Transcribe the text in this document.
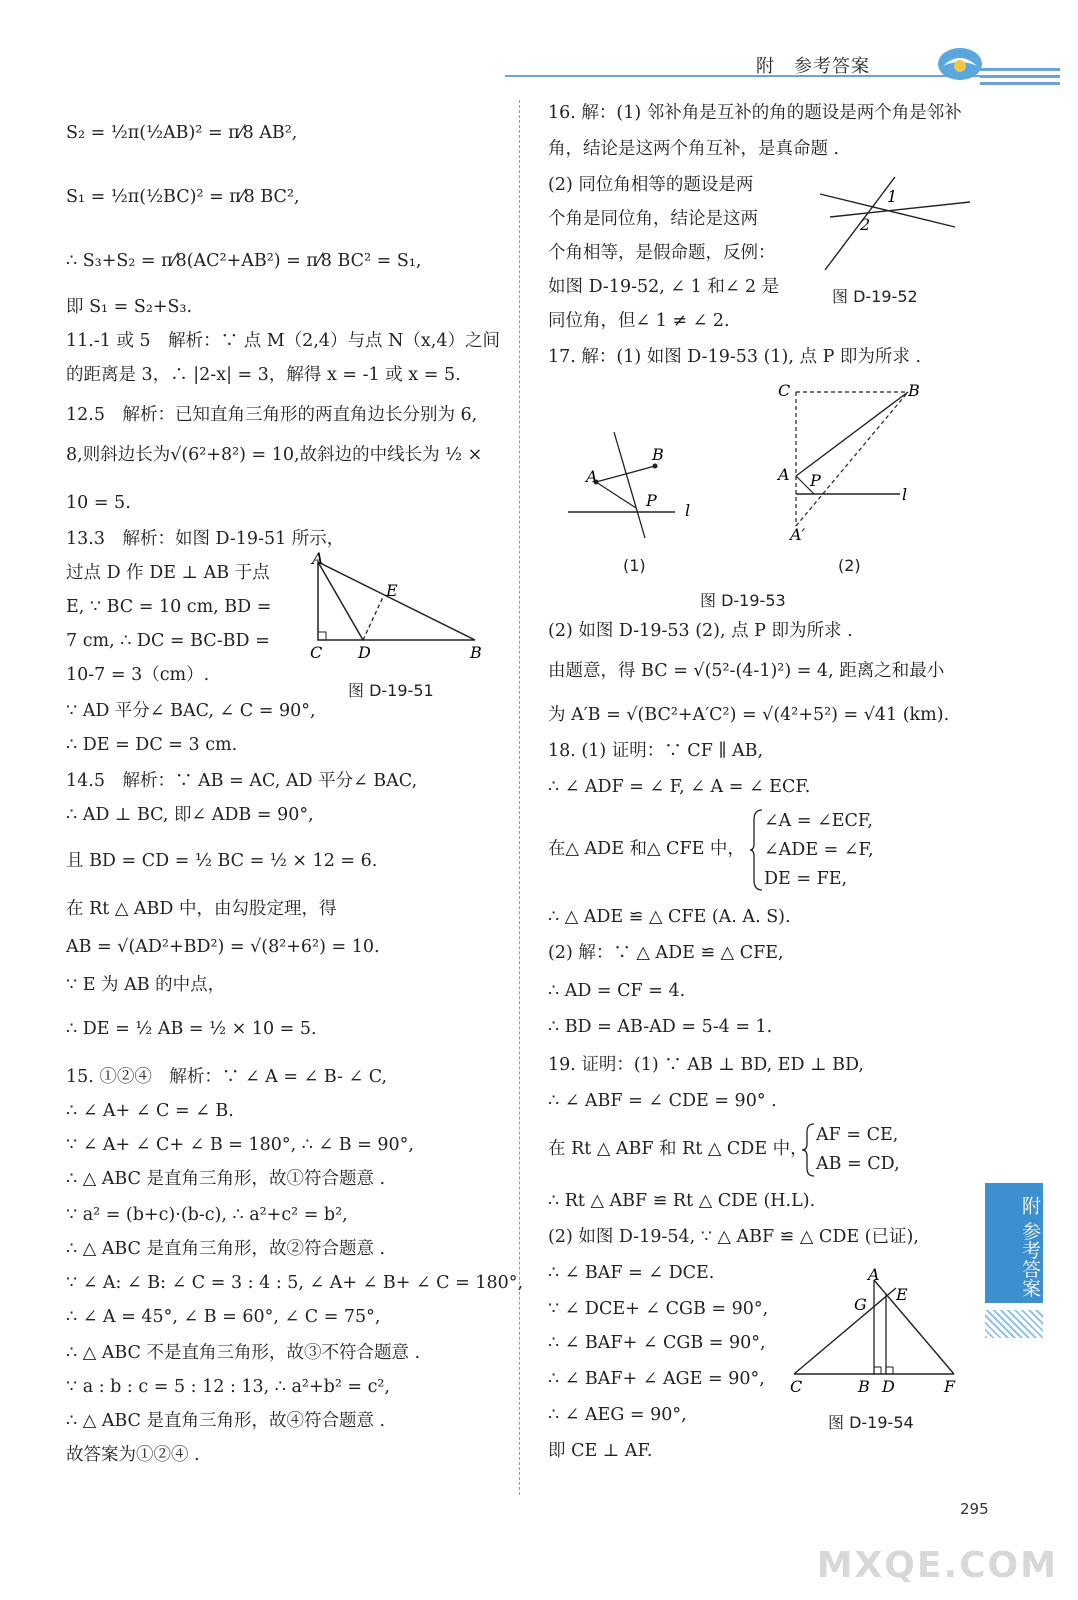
附　参考答案
S₂ = ½π(½AB)² = π⁄8 AB²,
S₁ = ½π(½BC)² = π⁄8 BC²,
∴ S₃+S₂ = π⁄8(AC²+AB²) = π⁄8 BC² = S₁,
即 S₁ = S₂+S₃.
11.-1 或 5　解析：∵ 点 M（2,4）与点 N（x,4）之间
的距离是 3，∴ |2-x| = 3，解得 x = -1 或 x = 5.
12.5　解析：已知直角三角形的两直角边长分别为 6,
8,则斜边长为√(6²+8²) = 10,故斜边的中线长为 ½ ×
10 = 5.
13.3　解析：如图 D-19-51 所示，
过点 D 作 DE ⊥ AB 于点
E, ∵ BC = 10 cm, BD =
7 cm, ∴ DC = BC-BD =
10-7 = 3（cm）.
∵ AD 平分∠ BAC, ∠ C = 90°,
∴ DE = DC = 3 cm.
14.5　解析：∵ AB = AC, AD 平分∠ BAC,
∴ AD ⊥ BC, 即∠ ADB = 90°,
且 BD = CD = ½ BC = ½ × 12 = 6.
在 Rt △ ABD 中，由勾股定理，得
AB = √(AD²+BD²) = √(8²+6²) = 10.
∵ E 为 AB 的中点，
∴ DE = ½ AB = ½ × 10 = 5.
15. ①②④　解析：∵ ∠ A = ∠ B- ∠ C,
∴ ∠ A+ ∠ C = ∠ B.
∵ ∠ A+ ∠ C+ ∠ B = 180°, ∴ ∠ B = 90°,
∴ △ ABC 是直角三角形，故①符合题意 .
∵ a² = (b+c)·(b-c), ∴ a²+c² = b²,
∴ △ ABC 是直角三角形，故②符合题意 .
∵ ∠ A: ∠ B: ∠ C = 3 : 4 : 5, ∠ A+ ∠ B+ ∠ C = 180°,
∴ ∠ A = 45°, ∠ B = 60°, ∠ C = 75°,
∴ △ ABC 不是直角三角形，故③不符合题意 .
∵ a : b : c = 5 : 12 : 13, ∴ a²+b² = c²,
∴ △ ABC 是直角三角形，故④符合题意 .
故答案为①②④ .
A
E
C D	B
图 D-19-51
16. 解：(1) 邻补角是互补的角的题设是两个角是邻补
角，结论是这两个角互补，是真命题 .
(2) 同位角相等的题设是两
个角是同位角，结论是这两
个角相等，是假命题，反例：
如图 D-19-52, ∠ 1 和∠ 2 是
同位角，但∠ 1 ≠ ∠ 2.
17. 解：(1) 如图 D-19-53 (1), 点 P 即为所求 .
(2) 如图 D-19-53 (2), 点 P 即为所求 .
由题意，得 BC = √(5²-(4-1)²) = 4, 距离之和最小
为 A′B = √(BC²+A′C²) = √(4²+5²) = √41 (km).
18. (1) 证明：∵ CF ∥ AB,
∴ ∠ ADF = ∠ F, ∠ A = ∠ ECF.
在△ ADE 和△ CFE 中，
∠A = ∠ECF,
∠ADE = ∠F,
DE = FE,
∴ △ ADE ≌ △ CFE (A. A. S).
(2) 解：∵ △ ADE ≌ △ CFE,
∴ AD = CF = 4.
∴ BD = AB-AD = 5-4 = 1.
19. 证明：(1) ∵ AB ⊥ BD, ED ⊥ BD,
∴ ∠ ABF = ∠ CDE = 90° .
在 Rt △ ABF 和 Rt △ CDE 中，
AF = CE,
AB = CD,
∴ Rt △ ABF ≌ Rt △ CDE (H.L).
(2) 如图 D-19-54, ∵ △ ABF ≌ △ CDE (已证),
∴ ∠ BAF = ∠ DCE.
∵ ∠ DCE+ ∠ CGB = 90°,
∴ ∠ BAF+ ∠ CGB = 90°,
∴ ∠ BAF+ ∠ AGE = 90°,
∴ ∠ AEG = 90°,
即 CE ⊥ AF.
1
2
图 D-19-52
A
B
P
l
(1)
C	B
A P
l
A′
(2)
图 D-19-53
A
G
E
C	B D	F
图 D-19-54
附 参考答案
295
MXQE.COM
